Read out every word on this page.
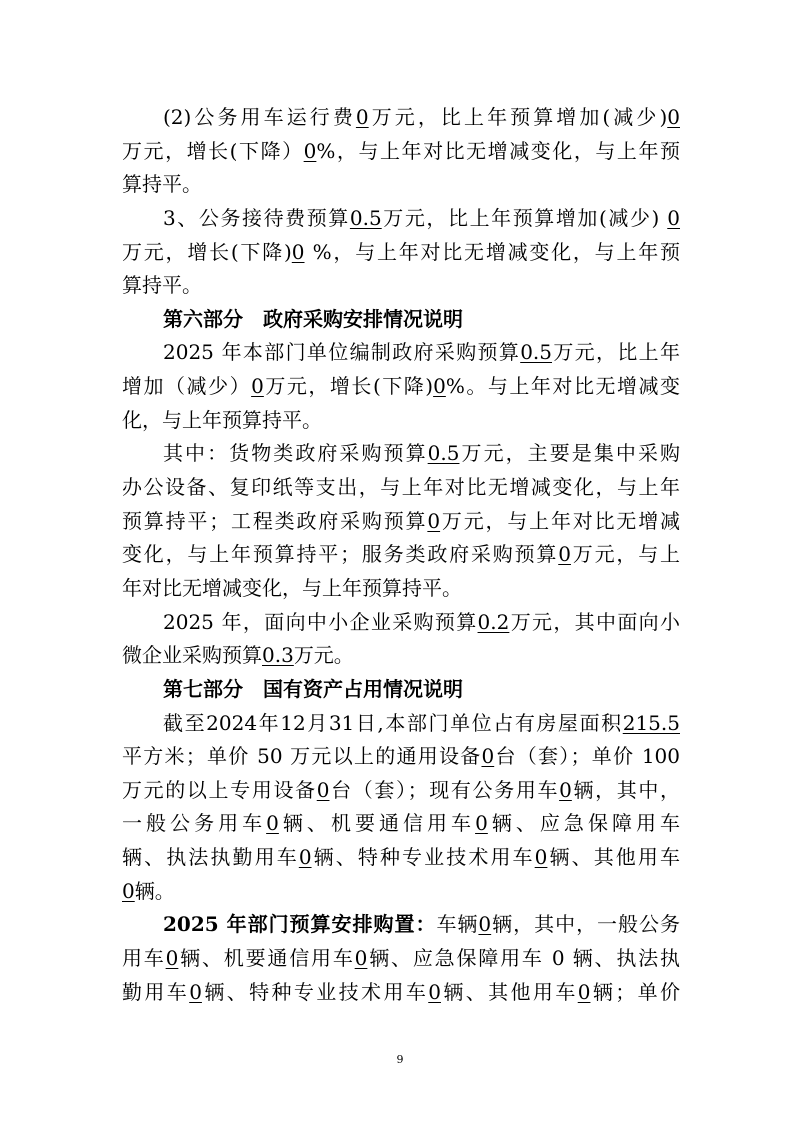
(2)公务用车运行费0万元，比上年预算增加(减少)0
万元，增长(下降）0%，与上年对比无增减变化，与上年预
算持平。
3、公务接待费预算0.5万元，比上年预算增加(减少) 0
万元，增长(下降)0 %，与上年对比无增减变化，与上年预
算持平。
第六部分　政府采购安排情况说明
2025 年本部门单位编制政府采购预算0.5万元，比上年
增加（减少）0万元，增长(下降)0%。与上年对比无增减变
化，与上年预算持平。
其中：货物类政府采购预算0.5万元，主要是集中采购
办公设备、复印纸等支出，与上年对比无增减变化，与上年
预算持平；工程类政府采购预算0万元，与上年对比无增减
变化，与上年预算持平；服务类政府采购预算0万元，与上
年对比无增减变化，与上年预算持平。
2025 年，面向中小企业采购预算0.2万元，其中面向小
微企业采购预算0.3万元。
第七部分　国有资产占用情况说明
截至2024年12月31日,本部门单位占有房屋面积215.5
平方米；单价 50 万元以上的通用设备0台（套）；单价 100
万元的以上专用设备0台（套）；现有公务用车0辆，其中，
一般公务用车0辆、机要通信用车0辆、应急保障用车
辆、执法执勤用车0辆、特种专业技术用车0辆、其他用车
0辆。
2025 年部门预算安排购置：车辆0辆，其中，一般公务
用车0辆、机要通信用车0辆、应急保障用车 0 辆、执法执
勤用车0辆、特种专业技术用车0辆、其他用车0辆；单价
9
